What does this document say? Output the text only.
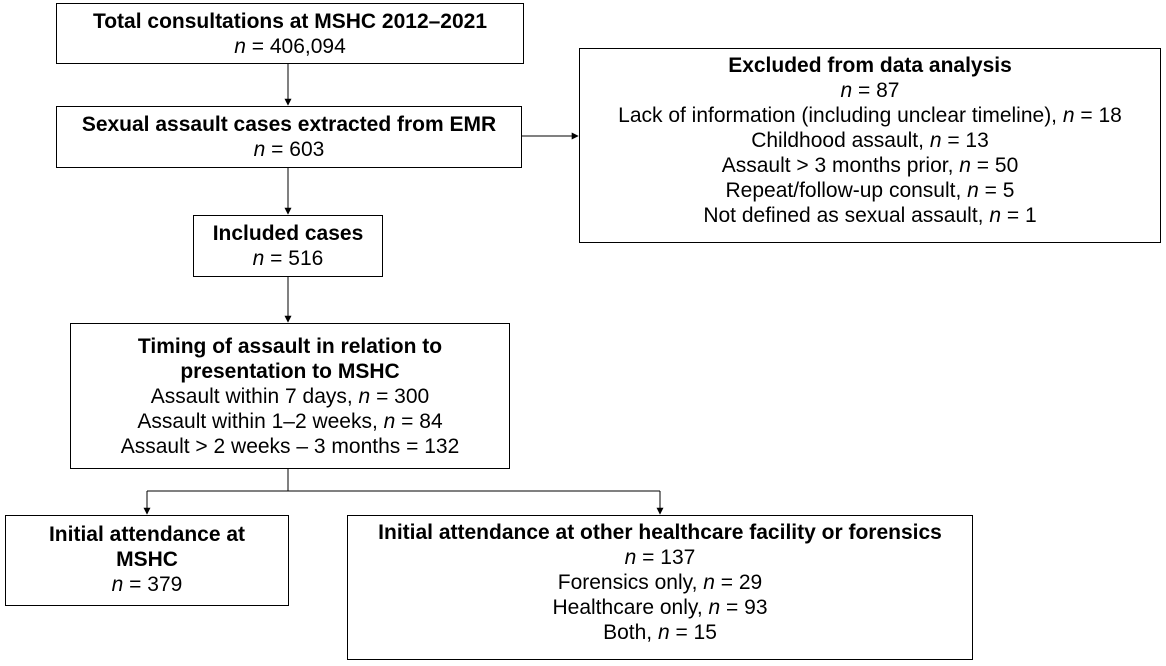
Total consultations at MSHC 2012–2021
n = 406,094
Sexual assault cases extracted from EMR
n = 603
Excluded from data analysis
n = 87
Lack of information (including unclear timeline), n = 18
Childhood assault, n = 13
Assault > 3 months prior, n = 50
Repeat/follow-up consult, n = 5
Not defined as sexual assault, n = 1
Included cases
n = 516
Timing of assault in relation to
presentation to MSHC
Assault within 7 days, n = 300
Assault within 1–2 weeks, n = 84
Assault > 2 weeks – 3 months = 132
Initial attendance at
MSHC
n = 379
Initial attendance at other healthcare facility or forensics
n = 137
Forensics only, n = 29
Healthcare only, n = 93
Both, n = 15
